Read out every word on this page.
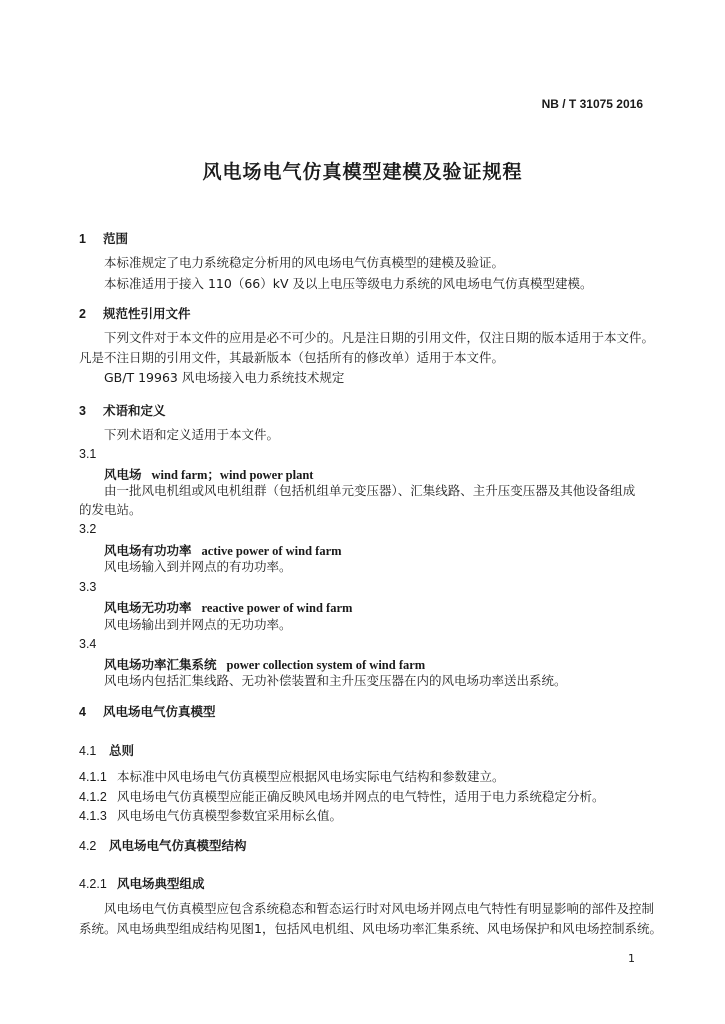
NB / T 31075 2016
风电场电气仿真模型建模及验证规程
1 范围
本标准规定了电力系统稳定分析用的风电场电气仿真模型的建模及验证。
本标准适用于接入 110（66）kV 及以上电压等级电力系统的风电场电气仿真模型建模。
2 规范性引用文件
下列文件对于本文件的应用是必不可少的。凡是注日期的引用文件，仅注日期的版本适用于本文件。
凡是不注日期的引用文件，其最新版本（包括所有的修改单）适用于本文件。
GB/T 19963 风电场接入电力系统技术规定
3 术语和定义
下列术语和定义适用于本文件。
3.1
风电场 wind farm；wind power plant
由一批风电机组或风电机组群（包括机组单元变压器）、汇集线路、主升压变压器及其他设备组成
的发电站。
3.2
风电场有功功率 active power of wind farm
风电场输入到并网点的有功功率。
3.3
风电场无功功率 reactive power of wind farm
风电场输出到并网点的无功功率。
3.4
风电场功率汇集系统 power collection system of wind farm
风电场内包括汇集线路、无功补偿装置和主升压变压器在内的风电场功率送出系统。
4 风电场电气仿真模型
4.1 总则
4.1.1 本标准中风电场电气仿真模型应根据风电场实际电气结构和参数建立。
4.1.2 风电场电气仿真模型应能正确反映风电场并网点的电气特性，适用于电力系统稳定分析。
4.1.3 风电场电气仿真模型参数宜采用标幺值。
4.2 风电场电气仿真模型结构
4.2.1 风电场典型组成
风电场电气仿真模型应包含系统稳态和暂态运行时对风电场并网点电气特性有明显影响的部件及控制
系统。风电场典型组成结构见图1，包括风电机组、风电场功率汇集系统、风电场保护和风电场控制系统。
1
